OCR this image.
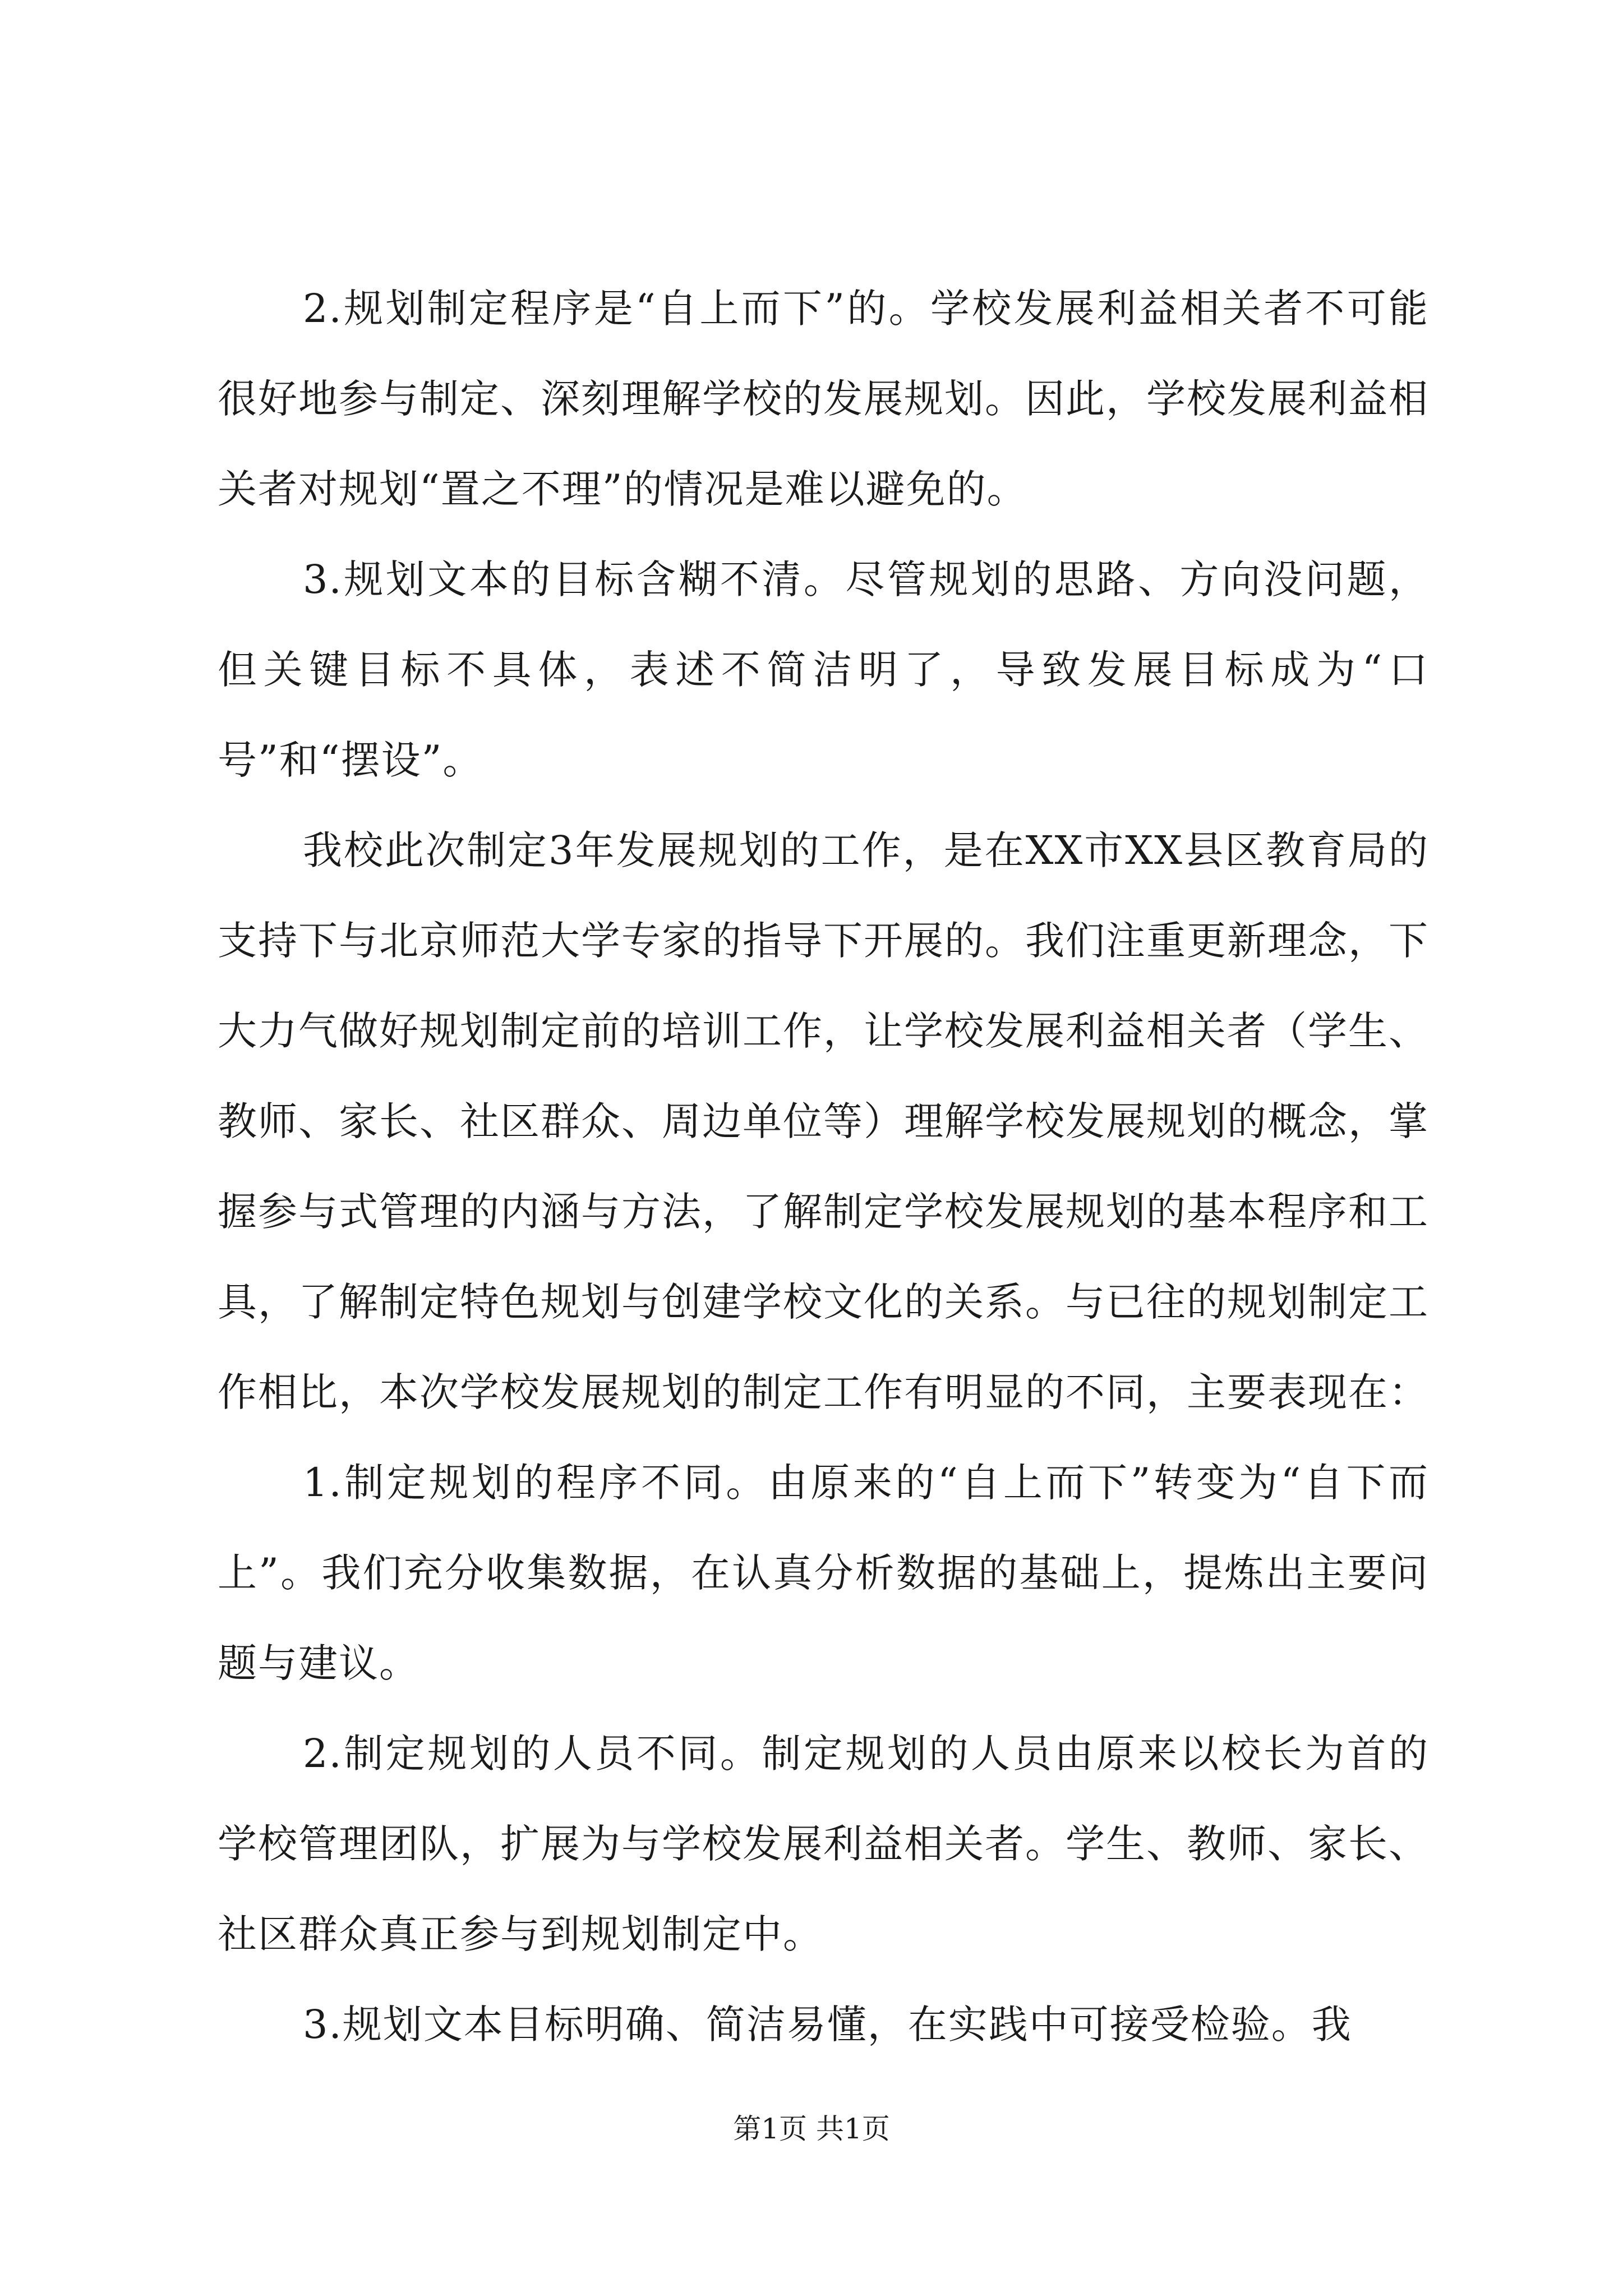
2.规划制定程序是“自上而下”的。学校发展利益相关者不可能很好地参与制定、深刻理解学校的发展规划。因此，学校发展利益相关者对规划“置之不理”的情况是难以避免的。

3.规划文本的目标含糊不清。尽管规划的思路、方向没问题，但关键目标不具体，表述不简洁明了，导致发展目标成为“口号”和“摆设”。

我校此次制定3年发展规划的工作，是在XX市XX县区教育局的支持下与北京师范大学专家的指导下开展的。我们注重更新理念，下大力气做好规划制定前的培训工作，让学校发展利益相关者（学生、教师、家长、社区群众、周边单位等）理解学校发展规划的概念，掌握参与式管理的内涵与方法，了解制定学校发展规划的基本程序和工具，了解制定特色规划与创建学校文化的关系。与已往的规划制定工作相比，本次学校发展规划的制定工作有明显的不同，主要表现在：

1.制定规划的程序不同。由原来的“自上而下”转变为“自下而上”。我们充分收集数据，在认真分析数据的基础上，提炼出主要问题与建议。

2.制定规划的人员不同。制定规划的人员由原来以校长为首的学校管理团队，扩展为与学校发展利益相关者。学生、教师、家长、社区群众真正参与到规划制定中。

3.规划文本目标明确、简洁易懂，在实践中可接受检验。我

第1页 共1页
